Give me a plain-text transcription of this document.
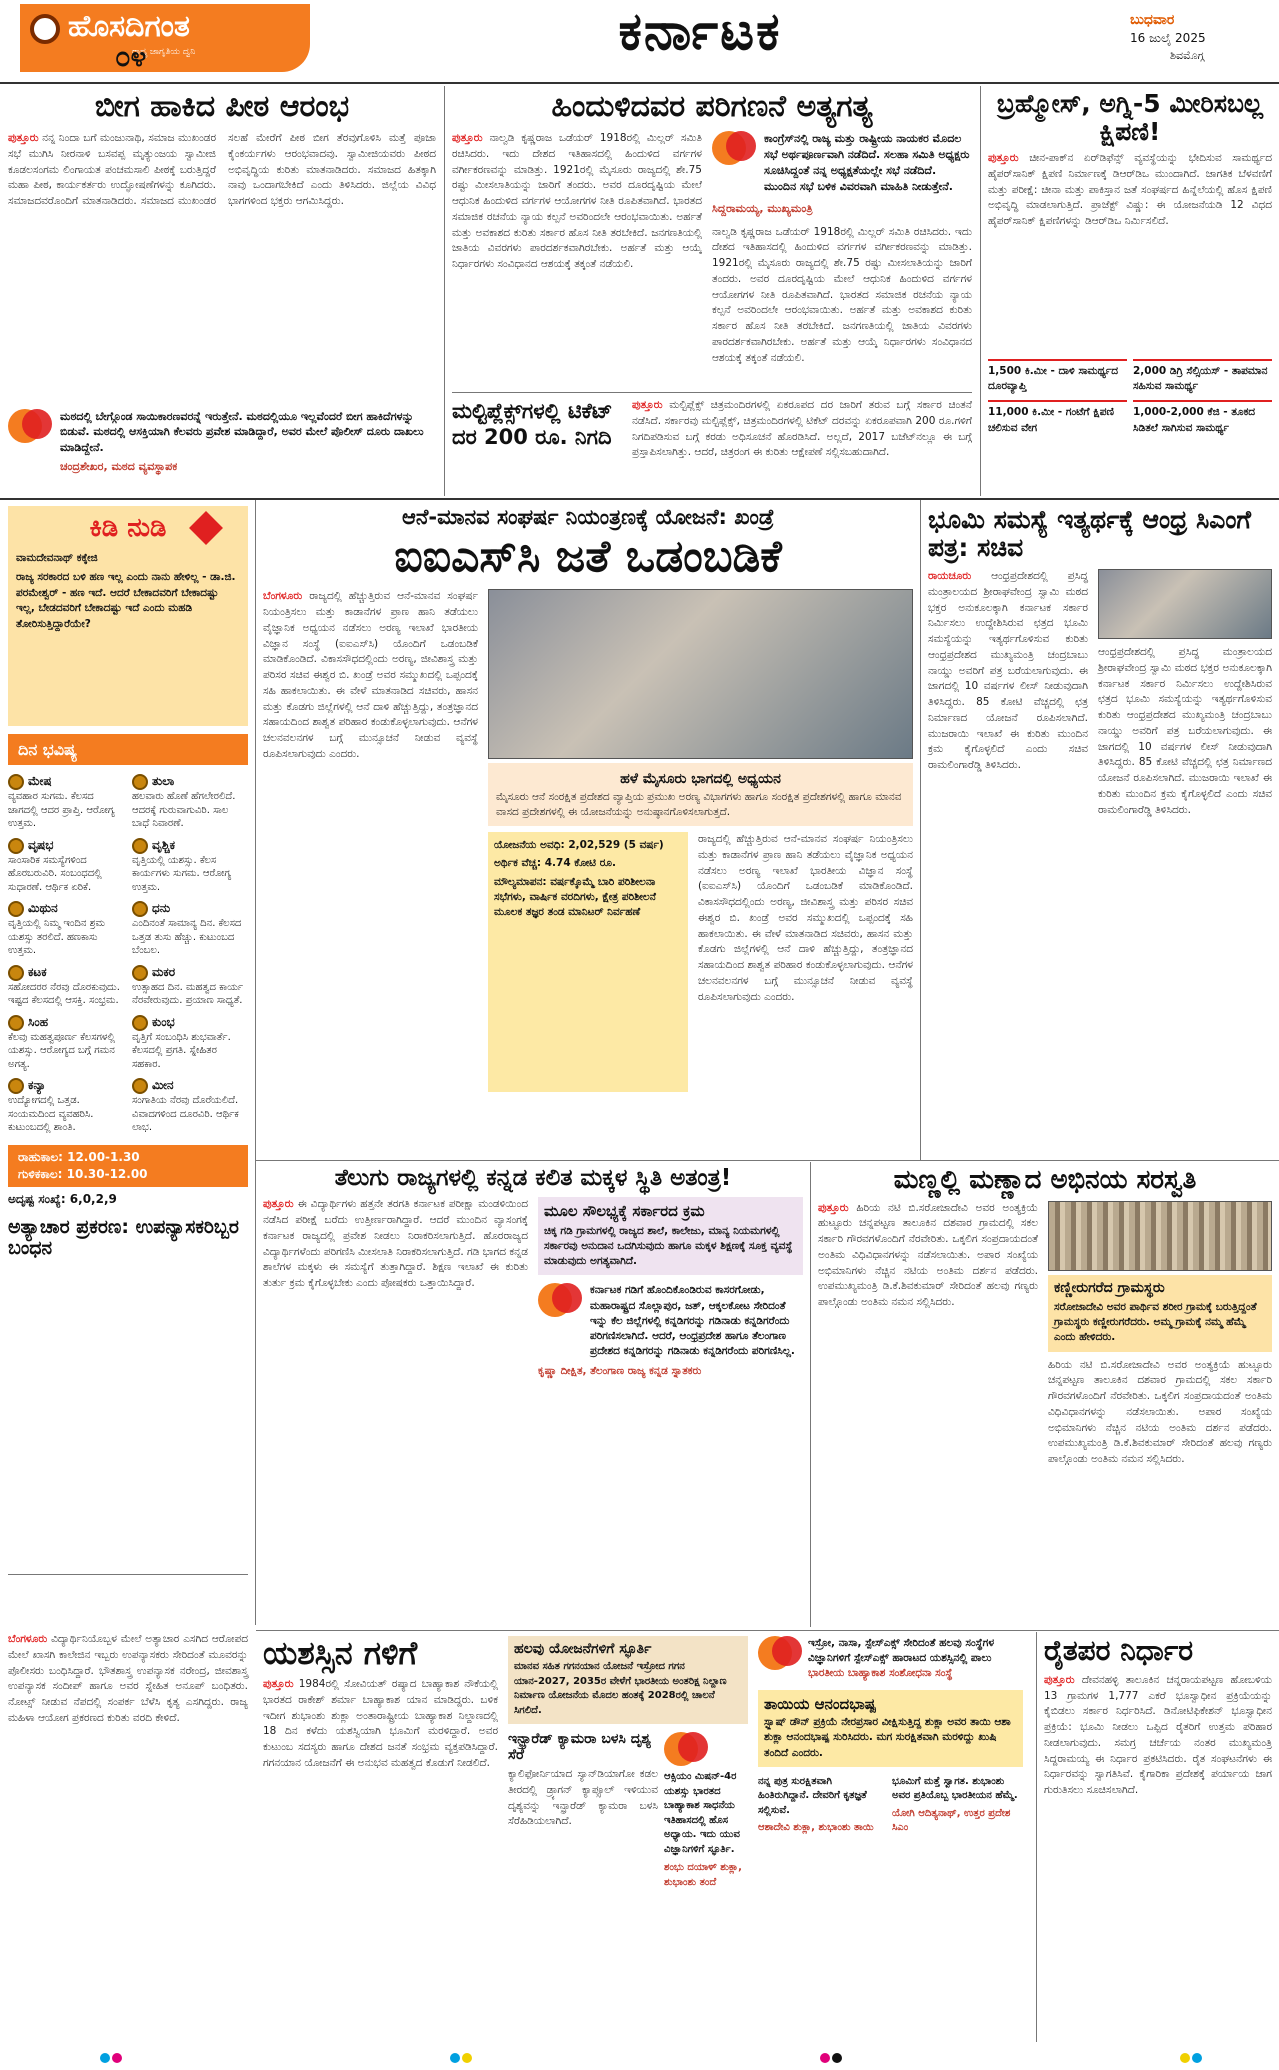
ಹೊಸದಿಗಂತ
ರಾಷ್ಟ್ರ ಜಾಗೃತಿಯ ದ್ವನಿ
೦೪	ಕರ್ನಾಟಕ	ಬುಧವಾರ
16 ಜುಲೈ 2025
ಶಿವಮೊಗ್ಗ
ಬೀಗ ಹಾಕಿದ ಪೀಠ ಆರಂಭ
ಪುತ್ತೂರು ನನ್ನ ನಿಂದಾ ಬಗೆ ಮಂಜುನಾಥಿ, ಸಮಾಜ ಮುಖಂಡರ ಸಭೆ ಮುಗಿಸಿ ನೀರನಾಳಿ ಬಸವಪ್ಪ ಮೃತ್ಯುಂಜಯ ಸ್ವಾಮೀಜಿ ಕೂಡಲಸಂಗಮ ಲಿಂಗಾಯತ ಪಂಚಮಸಾಲಿ ಪೀಠಕ್ಕೆ ಬರುತ್ತಿದ್ದರೆ ಮಹಾ ಪೀಠ, ಕಾರ್ಯಕರ್ತರು ಉದ್ಘೋಷಣೆಗಳನ್ನು ಕೂಗಿದರು. ಸಮಾಜದವರೊಂದಿಗೆ ಮಾತನಾಡಿದರು. ಸಮಾಜದ ಮುಖಂಡರ ಸಲಹೆ ಮೇರೆಗೆ ಪೀಠ ಬೀಗ ತೆರವುಗೊಳಿಸಿ ಮತ್ತೆ ಪೂಜಾ ಕೈಂಕರ್ಯಗಳು ಆರಂಭವಾದವು. ಸ್ವಾಮೀಜಿಯವರು ಪೀಠದ ಅಭಿವೃದ್ಧಿಯ ಕುರಿತು ಮಾತನಾಡಿದರು. ಸಮಾಜದ ಹಿತಕ್ಕಾಗಿ ನಾವು ಒಂದಾಗಬೇಕಿದೆ ಎಂದು ತಿಳಿಸಿದರು. ಜಿಲ್ಲೆಯ ವಿವಿಧ ಭಾಗಗಳಿಂದ ಭಕ್ತರು ಆಗಮಿಸಿದ್ದರು.
ಮಠದಲ್ಲಿ ಬೇಗ್ಗೊಂಡ ಸಾಯಿಕಾರಣವರನ್ನೆ ಇರುತ್ತೇನೆ. ಮಠದಲ್ಲಿಯೂ ಇಲ್ಲವೆಂದರೆ ಬೀಗ ಹಾಕಿದೆಗಳನ್ನು ಬಿಡುವೆ. ಮಠದಲ್ಲಿ ಆಸಕ್ತಿಯಾಗಿ ಕೆಲವರು ಪ್ರವೇಶ ಮಾಡಿದ್ದಾರೆ, ಅವರ ಮೇಲೆ ಪೊಲೀಸ್ ದೂರು ದಾಖಲು ಮಾಡಿದ್ದೇನೆ.
ಚಂದ್ರಶೇಖರ, ಮಠದ ವ್ಯವಸ್ಥಾಪಕ
ಹಿಂದುಳಿದವರ ಪರಿಗಣನೆ ಅತ್ಯಗತ್ಯ
ಪುತ್ತೂರು ನಾಲ್ವಡಿ ಕೃಷ್ಣರಾಜ ಒಡೆಯರ್ 1918ರಲ್ಲಿ ಮಿಲ್ಲರ್ ಸಮಿತಿ ರಚಿಸಿದರು. ಇದು ದೇಶದ ಇತಿಹಾಸದಲ್ಲಿ ಹಿಂದುಳಿದ ವರ್ಗಗಳ ವರ್ಗೀಕರಣವನ್ನು ಮಾಡಿತ್ತು. 1921ರಲ್ಲಿ ಮೈಸೂರು ರಾಜ್ಯದಲ್ಲಿ ಶೇ.75 ರಷ್ಟು ಮೀಸಲಾತಿಯನ್ನು ಜಾರಿಗೆ ತಂದರು. ಅವರ ದೂರದೃಷ್ಟಿಯ ಮೇಲೆ ಆಧುನಿಕ ಹಿಂದುಳಿದ ವರ್ಗಗಳ ಆಯೋಗಗಳ ನೀತಿ ರೂಪಿತವಾಗಿದೆ. ಭಾರತದ ಸಮಾಜಿಕ ರಚನೆಯ ನ್ಯಾಯ ಕಲ್ಪನೆ ಅವರಿಂದಲೇ ಆರಂಭವಾಯಿತು. ಅರ್ಹತೆ ಮತ್ತು ಅವಕಾಶದ ಕುರಿತು ಸರ್ಕಾರ ಹೊಸ ನೀತಿ ತರಬೇಕಿದೆ. ಜನಗಣತಿಯಲ್ಲಿ ಜಾತಿಯ ವಿವರಗಳು ಪಾರದರ್ಶಕವಾಗಿರಬೇಕು. ಅರ್ಹತೆ ಮತ್ತು ಆಯ್ಕೆ ನಿರ್ಧಾರಗಳು ಸಂವಿಧಾನದ ಆಶಯಕ್ಕೆ ತಕ್ಕಂತೆ ನಡೆಯಲಿ.
ಕಾಂಗ್ರೆಸ್‌ನಲ್ಲಿ ರಾಜ್ಯ ಮತ್ತು ರಾಷ್ಟ್ರೀಯ ನಾಯಕರ ಮೊದಲ ಸಭೆ ಅರ್ಥಪೂರ್ಣವಾಗಿ ನಡೆದಿದೆ. ಸಲಹಾ ಸಮಿತಿ ಅಧ್ಯಕ್ಷರು ಸೂಚಿಸಿದ್ದಂತೆ ನನ್ನ ಅಧ್ಯಕ್ಷತೆಯಲ್ಲೇ ಸಭೆ ನಡೆದಿದೆ. ಮುಂದಿನ ಸಭೆ ಬಳಿಕ ವಿವರವಾಗಿ ಮಾಹಿತಿ ನೀಡುತ್ತೇನೆ.
ಸಿದ್ದರಾಮಯ್ಯ, ಮುಖ್ಯಮಂತ್ರಿ
ನಾಲ್ವಡಿ ಕೃಷ್ಣರಾಜ ಒಡೆಯರ್ 1918ರಲ್ಲಿ ಮಿಲ್ಲರ್ ಸಮಿತಿ ರಚಿಸಿದರು. ಇದು ದೇಶದ ಇತಿಹಾಸದಲ್ಲಿ ಹಿಂದುಳಿದ ವರ್ಗಗಳ ವರ್ಗೀಕರಣವನ್ನು ಮಾಡಿತ್ತು. 1921ರಲ್ಲಿ ಮೈಸೂರು ರಾಜ್ಯದಲ್ಲಿ ಶೇ.75 ರಷ್ಟು ಮೀಸಲಾತಿಯನ್ನು ಜಾರಿಗೆ ತಂದರು. ಅವರ ದೂರದೃಷ್ಟಿಯ ಮೇಲೆ ಆಧುನಿಕ ಹಿಂದುಳಿದ ವರ್ಗಗಳ ಆಯೋಗಗಳ ನೀತಿ ರೂಪಿತವಾಗಿದೆ. ಭಾರತದ ಸಮಾಜಿಕ ರಚನೆಯ ನ್ಯಾಯ ಕಲ್ಪನೆ ಅವರಿಂದಲೇ ಆರಂಭವಾಯಿತು. ಅರ್ಹತೆ ಮತ್ತು ಅವಕಾಶದ ಕುರಿತು ಸರ್ಕಾರ ಹೊಸ ನೀತಿ ತರಬೇಕಿದೆ. ಜನಗಣತಿಯಲ್ಲಿ ಜಾತಿಯ ವಿವರಗಳು ಪಾರದರ್ಶಕವಾಗಿರಬೇಕು. ಅರ್ಹತೆ ಮತ್ತು ಆಯ್ಕೆ ನಿರ್ಧಾರಗಳು ಸಂವಿಧಾನದ ಆಶಯಕ್ಕೆ ತಕ್ಕಂತೆ ನಡೆಯಲಿ.
ಮಲ್ಟಿಪ್ಲೆಕ್ಸ್‌ಗಳಲ್ಲಿ ಟಿಕೆಟ್ ದರ 200 ರೂ. ನಿಗದಿ
ಪುತ್ತೂರು ಮಲ್ಟಿಪ್ಲೆಕ್ಸ್ ಚಿತ್ರಮಂದಿರಗಳಲ್ಲಿ ಏಕರೂಪದ ದರ ಜಾರಿಗೆ ತರುವ ಬಗ್ಗೆ ಸರ್ಕಾರ ಚಿಂತನೆ ನಡೆಸಿದೆ. ಸರ್ಕಾರವು ಮಲ್ಟಿಪ್ಲೆಕ್ಸ್, ಚಿತ್ರಮಂದಿರಗಳಲ್ಲಿ ಟಿಕೆಟ್ ದರವನ್ನು ಏಕರೂಪವಾಗಿ 200 ರೂ.ಗಳಿಗೆ ನಿಗದಿಪಡಿಸುವ ಬಗ್ಗೆ ಕರಡು ಅಧಿಸೂಚನೆ ಹೊರಡಿಸಿದೆ. ಅಲ್ಲದೆ, 2017 ಬಜೆಟ್‌ನಲ್ಲೂ ಈ ಬಗ್ಗೆ ಪ್ರಸ್ತಾಪಿಸಲಾಗಿತ್ತು. ಆದರೆ, ಚಿತ್ರರಂಗ ಈ ಕುರಿತು ಆಕ್ಷೇಪಣೆ ಸಲ್ಲಿಸಬಹುದಾಗಿದೆ.
ಬ್ರಹ್ಮೋಸ್, ಅಗ್ನಿ-5 ಮೀರಿಸಬಲ್ಲ ಕ್ಷಿಪಣಿ!
ಪುತ್ತೂರು ಚೀನ-ಪಾಕ್‌ನ ಏರ್‌ಡಿಫೆನ್ಸ್ ವ್ಯವಸ್ಥೆಯನ್ನು ಭೇದಿಸುವ ಸಾಮರ್ಥ್ಯದ ಹೈಪರ್‌ಸಾನಿಕ್ ಕ್ಷಿಪಣಿ ನಿರ್ಮಾಣಕ್ಕೆ ಡಿಆರ್‌ಡಿಒ ಮುಂದಾಗಿದೆ. ಜಾಗತಿಕ ಬೆಳವಣಿಗೆ ಮತ್ತು ಪರೀಕ್ಷೆ: ಚೀನಾ ಮತ್ತು ಪಾಕಿಸ್ತಾನ ಜತೆ ಸಂಘರ್ಷದ ಹಿನ್ನೆಲೆಯಲ್ಲಿ ಹೊಸ ಕ್ಷಿಪಣಿ ಅಭಿವೃದ್ಧಿ ಮಾಡಲಾಗುತ್ತಿದೆ. ಪ್ರಾಜೆಕ್ಟ್ ವಿಷ್ಣು: ಈ ಯೋಜನೆಯಡಿ 12 ವಿಧದ ಹೈಪರ್‌ಸಾನಿಕ್ ಕ್ಷಿಪಣಿಗಳನ್ನು ಡಿಆರ್‌ಡಿಒ ನಿರ್ಮಿಸಲಿದೆ.
1,500 ಕಿ.ಮೀ - ದಾಳಿ ಸಾಮರ್ಥ್ಯದ ದೂರವ್ಯಾಪ್ತಿ
2,000 ಡಿಗ್ರಿ ಸೆಲ್ಸಿಯಸ್ - ತಾಪಮಾನ ಸಹಿಸುವ ಸಾಮರ್ಥ್ಯ
11,000 ಕಿ.ಮೀ - ಗಂಟೆಗೆ ಕ್ಷಿಪಣಿ ಚಲಿಸುವ ವೇಗ
1,000-2,000 ಕೆಜಿ - ತೂಕದ ಸಿಡಿತಲೆ ಸಾಗಿಸುವ ಸಾಮರ್ಥ್ಯ
ಕಿಡಿ ನುಡಿ
ವಾಮದೇವನಾಥ್ ಕಕ್ಕೇಜಿ
ರಾಜ್ಯ ಸರಕಾರದ ಬಳಿ ಹಣ ಇಲ್ಲ ಎಂದು ನಾನು ಹೇಳಿಲ್ಲ - ಡಾ.ಜಿ. ಪರಮೇಶ್ವರ್ - ಹಣ ಇದೆ. ಆದರೆ ಬೇಕಾದವರಿಗೆ ಬೇಕಾದಷ್ಟು ಇಲ್ಲ, ಬೇಡದವರಿಗೆ ಬೇಕಾದಷ್ಟು ಇದೆ ಎಂದು ಮಹಡಿ ತೋರಿಸುತ್ತಿದ್ದಾರೆಯೇ?
ದಿನ ಭವಿಷ್ಯ
ಮೇಷ
ವ್ಯವಹಾರ ಸುಗಮ. ಕೆಲಸದ ಜಾಗದಲ್ಲಿ ಆದರ ಪ್ರಾಪ್ತಿ. ಆರೋಗ್ಯ ಉತ್ತಮ.
ತುಲಾ
ಹಲವಾರು ಹೊಣೆ ಹೆಗಲೇರಲಿದೆ. ಆದರಕ್ಕೆ ಗುರುವಾಗುವಿರಿ. ಸಾಲ ಬಾಧೆ ನಿವಾರಣೆ.
ವೃಷಭ
ಸಾಂಸಾರಿಕ ಸಮಸ್ಯೆಗಳಿಂದ ಹೊರಬರುವಿರಿ. ಸಂಬಂಧದಲ್ಲಿ ಸುಧಾರಣೆ. ಆರ್ಥಿಕ ಏರಿಕೆ.
ವೃಶ್ಚಿಕ
ವೃತ್ತಿಯಲ್ಲಿ ಯಶಸ್ಸು. ಕೆಲಸ ಕಾರ್ಯಗಳು ಸುಗಮ. ಆರೋಗ್ಯ ಉತ್ತಮ.
ಮಿಥುನ
ವೃತ್ತಿಯಲ್ಲಿ ನಿಮ್ಮ ಇಂದಿನ ಶ್ರಮ ಯಶಸ್ಸು ತರಲಿದೆ. ಹಣಕಾಸು ಉತ್ತಮ.
ಧನು
ಎಂದಿನಂತೆ ಸಾಮಾನ್ಯ ದಿನ. ಕೆಲಸದ ಒತ್ತಡ ತುಸು ಹೆಚ್ಚು. ಕುಟುಂಬದ ಬೆಂಬಲ.
ಕಟಕ
ಸಹೋದರರ ನೆರವು ದೊರಕುವುದು. ಇಷ್ಟದ ಕೆಲಸದಲ್ಲಿ ಆಸಕ್ತಿ. ಸಂಭ್ರಮ.
ಮಕರ
ಉತ್ಸಾಹದ ದಿನ. ಮಹತ್ವದ ಕಾರ್ಯ ನೆರವೇರುವುದು. ಪ್ರಯಾಣ ಸಾಧ್ಯತೆ.
ಸಿಂಹ
ಕೆಲವು ಮಹತ್ವಪೂರ್ಣ ಕೆಲಸಗಳಲ್ಲಿ ಯಶಸ್ಸು. ಆರೋಗ್ಯದ ಬಗ್ಗೆ ಗಮನ ಅಗತ್ಯ.
ಕುಂಭ
ವೃತ್ತಿಗೆ ಸಂಬಂಧಿಸಿ ಶುಭವಾರ್ತೆ. ಕೆಲಸದಲ್ಲಿ ಪ್ರಗತಿ. ಸ್ನೇಹಿತರ ಸಹಕಾರ.
ಕನ್ಯಾ
ಉದ್ಯೋಗದಲ್ಲಿ ಒತ್ತಡ. ಸಂಯಮದಿಂದ ವ್ಯವಹರಿಸಿ. ಕುಟುಂಬದಲ್ಲಿ ಶಾಂತಿ.
ಮೀನ
ಸಂಗಾತಿಯ ನೆರವು ದೊರೆಯಲಿದೆ. ವಿವಾದಗಳಿಂದ ದೂರವಿರಿ. ಆರ್ಥಿಕ ಲಾಭ.
ರಾಹುಕಾಲ: 12.00-1.30
ಗುಳಿಕಕಾಲ: 10.30-12.00
ಅದೃಷ್ಟ ಸಂಖ್ಯೆ: 6,0,2,9
ಅತ್ಯಾಚಾರ ಪ್ರಕರಣ: ಉಪನ್ಯಾಸಕರಿಬ್ಬರ ಬಂಧನ
ಬೆಂಗಳೂರು ವಿದ್ಯಾರ್ಥಿನಿಯೊಬ್ಬಳ ಮೇಲೆ ಅತ್ಯಾಚಾರ ಎಸಗಿದ ಆರೋಪದ ಮೇಲೆ ಖಾಸಗಿ ಕಾಲೇಜಿನ ಇಬ್ಬರು ಉಪನ್ಯಾಸಕರು ಸೇರಿದಂತೆ ಮೂವರನ್ನು ಪೊಲೀಸರು ಬಂಧಿಸಿದ್ದಾರೆ. ಭೌತಶಾಸ್ತ್ರ ಉಪನ್ಯಾಸಕ ನರೇಂದ್ರ, ಜೀವಶಾಸ್ತ್ರ ಉಪನ್ಯಾಸಕ ಸಂದೀಪ್ ಹಾಗೂ ಅವರ ಸ್ನೇಹಿತ ಅನೂಪ್ ಬಂಧಿತರು. ನೋಟ್ಸ್ ನೀಡುವ ನೆಪದಲ್ಲಿ ಸಂಪರ್ಕ ಬೆಳೆಸಿ ಕೃತ್ಯ ಎಸಗಿದ್ದರು. ರಾಜ್ಯ ಮಹಿಳಾ ಆಯೋಗ ಪ್ರಕರಣದ ಕುರಿತು ವರದಿ ಕೇಳಿದೆ.
ಆನೆ-ಮಾನವ ಸಂಘರ್ಷ ನಿಯಂತ್ರಣಕ್ಕೆ ಯೋಜನೆ: ಖಂಡ್ರೆ
ಐಐಎಸ್‌ಸಿ ಜತೆ ಒಡಂಬಡಿಕೆ
ಬೆಂಗಳೂರು ರಾಜ್ಯದಲ್ಲಿ ಹೆಚ್ಚುತ್ತಿರುವ ಆನೆ-ಮಾನವ ಸಂಘರ್ಷ ನಿಯಂತ್ರಿಸಲು ಮತ್ತು ಕಾಡಾನೆಗಳ ಪ್ರಾಣ ಹಾನಿ ತಡೆಯಲು ವೈಜ್ಞಾನಿಕ ಅಧ್ಯಯನ ನಡೆಸಲು ಅರಣ್ಯ ಇಲಾಖೆ ಭಾರತೀಯ ವಿಜ್ಞಾನ ಸಂಸ್ಥೆ (ಐಐಎಸ್‌ಸಿ) ಯೊಂದಿಗೆ ಒಡಂಬಡಿಕೆ ಮಾಡಿಕೊಂಡಿದೆ. ವಿಕಾಸಸೌಧದಲ್ಲಿಂದು ಅರಣ್ಯ, ಜೀವಿಶಾಸ್ತ್ರ ಮತ್ತು ಪರಿಸರ ಸಚಿವ ಈಶ್ವರ ಬಿ. ಖಂಡ್ರೆ ಅವರ ಸಮ್ಮುಖದಲ್ಲಿ ಒಪ್ಪಂದಕ್ಕೆ ಸಹಿ ಹಾಕಲಾಯಿತು. ಈ ವೇಳೆ ಮಾತನಾಡಿದ ಸಚಿವರು, ಹಾಸನ ಮತ್ತು ಕೊಡಗು ಜಿಲ್ಲೆಗಳಲ್ಲಿ ಆನೆ ದಾಳಿ ಹೆಚ್ಚುತ್ತಿದ್ದು, ತಂತ್ರಜ್ಞಾನದ ಸಹಾಯದಿಂದ ಶಾಶ್ವತ ಪರಿಹಾರ ಕಂಡುಕೊಳ್ಳಲಾಗುವುದು. ಆನೆಗಳ ಚಲನವಲನಗಳ ಬಗ್ಗೆ ಮುನ್ಸೂಚನೆ ನೀಡುವ ವ್ಯವಸ್ಥೆ ರೂಪಿಸಲಾಗುವುದು ಎಂದರು.
ಹಳೆ ಮೈಸೂರು ಭಾಗದಲ್ಲಿ ಅಧ್ಯಯನ
ಮೈಸೂರು ಆನೆ ಸಂರಕ್ಷಿತ ಪ್ರದೇಶದ ವ್ಯಾಪ್ತಿಯ ಪ್ರಮುಖ ಅರಣ್ಯ ವಿಭಾಗಗಳು ಹಾಗೂ ಸಂರಕ್ಷಿತ ಪ್ರದೇಶಗಳಲ್ಲಿ ಹಾಗೂ ಮಾನವ ವಾಸದ ಪ್ರದೇಶಗಳಲ್ಲಿ ಈ ಯೋಜನೆಯನ್ನು ಅನುಷ್ಠಾನಗೊಳಿಸಲಾಗುತ್ತದೆ.
ಯೋಜನೆಯ ಅವಧಿ: 2,02,529 (5 ವರ್ಷ)
ಅರ್ಥಿಕ ವೆಚ್ಚ: 4.74 ಕೋಟಿ ರೂ.
ಮೌಲ್ಯಮಾಪನ: ವರ್ಷಕ್ಕೊಮ್ಮೆ ಬಾರಿ ಪರಿಶೀಲನಾ ಸಭೆಗಳು, ವಾರ್ಷಿಕ ವರದಿಗಳು, ಕ್ಷೇತ್ರ ಪರಿಶೀಲನೆ ಮೂಲಕ ತಜ್ಞರ ತಂಡ ಮಾನಿಟರ್ ನಿರ್ವಹಣೆ
ರಾಜ್ಯದಲ್ಲಿ ಹೆಚ್ಚುತ್ತಿರುವ ಆನೆ-ಮಾನವ ಸಂಘರ್ಷ ನಿಯಂತ್ರಿಸಲು ಮತ್ತು ಕಾಡಾನೆಗಳ ಪ್ರಾಣ ಹಾನಿ ತಡೆಯಲು ವೈಜ್ಞಾನಿಕ ಅಧ್ಯಯನ ನಡೆಸಲು ಅರಣ್ಯ ಇಲಾಖೆ ಭಾರತೀಯ ವಿಜ್ಞಾನ ಸಂಸ್ಥೆ (ಐಐಎಸ್‌ಸಿ) ಯೊಂದಿಗೆ ಒಡಂಬಡಿಕೆ ಮಾಡಿಕೊಂಡಿದೆ. ವಿಕಾಸಸೌಧದಲ್ಲಿಂದು ಅರಣ್ಯ, ಜೀವಿಶಾಸ್ತ್ರ ಮತ್ತು ಪರಿಸರ ಸಚಿವ ಈಶ್ವರ ಬಿ. ಖಂಡ್ರೆ ಅವರ ಸಮ್ಮುಖದಲ್ಲಿ ಒಪ್ಪಂದಕ್ಕೆ ಸಹಿ ಹಾಕಲಾಯಿತು. ಈ ವೇಳೆ ಮಾತನಾಡಿದ ಸಚಿವರು, ಹಾಸನ ಮತ್ತು ಕೊಡಗು ಜಿಲ್ಲೆಗಳಲ್ಲಿ ಆನೆ ದಾಳಿ ಹೆಚ್ಚುತ್ತಿದ್ದು, ತಂತ್ರಜ್ಞಾನದ ಸಹಾಯದಿಂದ ಶಾಶ್ವತ ಪರಿಹಾರ ಕಂಡುಕೊಳ್ಳಲಾಗುವುದು. ಆನೆಗಳ ಚಲನವಲನಗಳ ಬಗ್ಗೆ ಮುನ್ಸೂಚನೆ ನೀಡುವ ವ್ಯವಸ್ಥೆ ರೂಪಿಸಲಾಗುವುದು ಎಂದರು.
ಭೂಮಿ ಸಮಸ್ಯೆ ಇತ್ಯರ್ಥಕ್ಕೆ ಆಂಧ್ರ ಸಿಎಂಗೆ ಪತ್ರ: ಸಚಿವ
ರಾಯಚೂರು ಆಂಧ್ರಪ್ರದೇಶದಲ್ಲಿ ಪ್ರಸಿದ್ಧ ಮಂತ್ರಾಲಯದ ಶ್ರೀರಾಘವೇಂದ್ರ ಸ್ವಾಮಿ ಮಠದ ಭಕ್ತರ ಅನುಕೂಲಕ್ಕಾಗಿ ಕರ್ನಾಟಕ ಸರ್ಕಾರ ನಿರ್ಮಿಸಲು ಉದ್ದೇಶಿಸಿರುವ ಛತ್ರದ ಭೂಮಿ ಸಮಸ್ಯೆಯನ್ನು ಇತ್ಯರ್ಥಗೊಳಿಸುವ ಕುರಿತು ಆಂಧ್ರಪ್ರದೇಶದ ಮುಖ್ಯಮಂತ್ರಿ ಚಂದ್ರಬಾಬು ನಾಯ್ಡು ಅವರಿಗೆ ಪತ್ರ ಬರೆಯಲಾಗುವುದು. ಈ ಜಾಗದಲ್ಲಿ 10 ವರ್ಷಗಳ ಲೀಸ್ ನೀಡುವುದಾಗಿ ತಿಳಿಸಿದ್ದರು. 85 ಕೋಟಿ ವೆಚ್ಚದಲ್ಲಿ ಛತ್ರ ನಿರ್ಮಾಣದ ಯೋಜನೆ ರೂಪಿಸಲಾಗಿದೆ. ಮುಜರಾಯಿ ಇಲಾಖೆ ಈ ಕುರಿತು ಮುಂದಿನ ಕ್ರಮ ಕೈಗೊಳ್ಳಲಿದೆ ಎಂದು ಸಚಿವ ರಾಮಲಿಂಗಾರೆಡ್ಡಿ ತಿಳಿಸಿದರು.
ಆಂಧ್ರಪ್ರದೇಶದಲ್ಲಿ ಪ್ರಸಿದ್ಧ ಮಂತ್ರಾಲಯದ ಶ್ರೀರಾಘವೇಂದ್ರ ಸ್ವಾಮಿ ಮಠದ ಭಕ್ತರ ಅನುಕೂಲಕ್ಕಾಗಿ ಕರ್ನಾಟಕ ಸರ್ಕಾರ ನಿರ್ಮಿಸಲು ಉದ್ದೇಶಿಸಿರುವ ಛತ್ರದ ಭೂಮಿ ಸಮಸ್ಯೆಯನ್ನು ಇತ್ಯರ್ಥಗೊಳಿಸುವ ಕುರಿತು ಆಂಧ್ರಪ್ರದೇಶದ ಮುಖ್ಯಮಂತ್ರಿ ಚಂದ್ರಬಾಬು ನಾಯ್ಡು ಅವರಿಗೆ ಪತ್ರ ಬರೆಯಲಾಗುವುದು. ಈ ಜಾಗದಲ್ಲಿ 10 ವರ್ಷಗಳ ಲೀಸ್ ನೀಡುವುದಾಗಿ ತಿಳಿಸಿದ್ದರು. 85 ಕೋಟಿ ವೆಚ್ಚದಲ್ಲಿ ಛತ್ರ ನಿರ್ಮಾಣದ ಯೋಜನೆ ರೂಪಿಸಲಾಗಿದೆ. ಮುಜರಾಯಿ ಇಲಾಖೆ ಈ ಕುರಿತು ಮುಂದಿನ ಕ್ರಮ ಕೈಗೊಳ್ಳಲಿದೆ ಎಂದು ಸಚಿವ ರಾಮಲಿಂಗಾರೆಡ್ಡಿ ತಿಳಿಸಿದರು.
ತೆಲುಗು ರಾಜ್ಯಗಳಲ್ಲಿ ಕನ್ನಡ ಕಲಿತ ಮಕ್ಕಳ ಸ್ಥಿತಿ ಅತಂತ್ರ!
ಪುತ್ತೂರು ಈ ವಿದ್ಯಾರ್ಥಿಗಳು ಹತ್ತನೇ ತರಗತಿ ಕರ್ನಾಟಕ ಪರೀಕ್ಷಾ ಮಂಡಳಿಯಿಂದ ನಡೆಸಿದ ಪರೀಕ್ಷೆ ಬರೆದು ಉತ್ತೀರ್ಣರಾಗಿದ್ದಾರೆ. ಆದರೆ ಮುಂದಿನ ವ್ಯಾಸಂಗಕ್ಕೆ ಕರ್ನಾಟಕ ರಾಜ್ಯದಲ್ಲಿ ಪ್ರವೇಶ ನೀಡಲು ನಿರಾಕರಿಸಲಾಗುತ್ತಿದೆ. ಹೊರರಾಜ್ಯದ ವಿದ್ಯಾರ್ಥಿಗಳೆಂದು ಪರಿಗಣಿಸಿ ಮೀಸಲಾತಿ ನಿರಾಕರಿಸಲಾಗುತ್ತಿದೆ. ಗಡಿ ಭಾಗದ ಕನ್ನಡ ಶಾಲೆಗಳ ಮಕ್ಕಳು ಈ ಸಮಸ್ಯೆಗೆ ತುತ್ತಾಗಿದ್ದಾರೆ. ಶಿಕ್ಷಣ ಇಲಾಖೆ ಈ ಕುರಿತು ತುರ್ತು ಕ್ರಮ ಕೈಗೊಳ್ಳಬೇಕು ಎಂದು ಪೋಷಕರು ಒತ್ತಾಯಿಸಿದ್ದಾರೆ.
ಮೂಲ ಸೌಲಭ್ಯಕ್ಕೆ ಸರ್ಕಾರದ ಕ್ರಮ
ಚಿಕ್ಕ ಗಡಿ ಗ್ರಾಮಗಳಲ್ಲಿ ರಾಜ್ಯದ ಶಾಲೆ, ಕಾಲೇಜು, ಮಾನ್ಯ ನಿಯಮಗಳಲ್ಲಿ ಸರ್ಕಾರವು ಅನುದಾನ ಒದಗಿಸುವುದು ಹಾಗೂ ಮಕ್ಕಳ ಶಿಕ್ಷಣಕ್ಕೆ ಸೂಕ್ತ ವ್ಯವಸ್ಥೆ ಮಾಡುವುದು ಅಗತ್ಯವಾಗಿದೆ.
ಕರ್ನಾಟಕ ಗಡಿಗೆ ಹೊಂದಿಕೊಂಡಿರುವ ಕಾಸರಗೋಡು, ಮಹಾರಾಷ್ಟ್ರದ ಸೊಲ್ಲಾಪುರ, ಜತ್, ಆಕ್ಕಲಕೋಟ ಸೇರಿದಂತೆ ಇನ್ನು ಕೆಲ ಜಿಲ್ಲೆಗಳಲ್ಲಿ ಕನ್ನಡಿಗರನ್ನು ಗಡಿನಾಡು ಕನ್ನಡಿಗರೆಂದು ಪರಿಗಣಿಸಲಾಗಿದೆ. ಆದರೆ, ಆಂಧ್ರಪ್ರದೇಶ ಹಾಗೂ ತೆಲಂಗಾಣ ಪ್ರದೇಶದ ಕನ್ನಡಿಗರನ್ನು ಗಡಿನಾಡು ಕನ್ನಡಿಗರೆಂದು ಪರಿಗಣಿಸಿಲ್ಲ.
ಕೃಷ್ಣಾ ದೀಕ್ಷಿತ, ತೆಲಂಗಾಣ ರಾಜ್ಯ ಕನ್ನಡ ಸ್ನಾತಕರು
ಮಣ್ಣಲ್ಲಿ ಮಣ್ಣಾದ ಅಭಿನಯ ಸರಸ್ವತಿ
ಪುತ್ತೂರು ಹಿರಿಯ ನಟಿ ಬಿ.ಸರೋಜಾದೇವಿ ಅವರ ಅಂತ್ಯಕ್ರಿಯೆ ಹುಟ್ಟೂರು ಚನ್ನಪಟ್ಟಣ ತಾಲೂಕಿನ ದಶವಾರ ಗ್ರಾಮದಲ್ಲಿ ಸಕಲ ಸರ್ಕಾರಿ ಗೌರವಗಳೊಂದಿಗೆ ನೆರವೇರಿತು. ಒಕ್ಕಲಿಗ ಸಂಪ್ರದಾಯದಂತೆ ಅಂತಿಮ ವಿಧಿವಿಧಾನಗಳನ್ನು ನಡೆಸಲಾಯಿತು. ಅಪಾರ ಸಂಖ್ಯೆಯ ಅಭಿಮಾನಿಗಳು ನೆಚ್ಚಿನ ನಟಿಯ ಅಂತಿಮ ದರ್ಶನ ಪಡೆದರು. ಉಪಮುಖ್ಯಮಂತ್ರಿ ಡಿ.ಕೆ.ಶಿವಕುಮಾರ್ ಸೇರಿದಂತೆ ಹಲವು ಗಣ್ಯರು ಪಾಲ್ಗೊಂಡು ಅಂತಿಮ ನಮನ ಸಲ್ಲಿಸಿದರು.
ಕಣ್ಣೀರುಗರೆದ ಗ್ರಾಮಸ್ಥರು
ಸರೋಜಾದೇವಿ ಅವರ ಪಾರ್ಥಿವ ಶರೀರ ಗ್ರಾಮಕ್ಕೆ ಬರುತ್ತಿದ್ದಂತೆ ಗ್ರಾಮಸ್ಥರು ಕಣ್ಣೀರುಗರೆದರು. ಅಮ್ಮ ಗ್ರಾಮಕ್ಕೆ ನಮ್ಮ ಹೆಮ್ಮೆ ಎಂದು ಹೇಳಿದರು.
ಹಿರಿಯ ನಟಿ ಬಿ.ಸರೋಜಾದೇವಿ ಅವರ ಅಂತ್ಯಕ್ರಿಯೆ ಹುಟ್ಟೂರು ಚನ್ನಪಟ್ಟಣ ತಾಲೂಕಿನ ದಶವಾರ ಗ್ರಾಮದಲ್ಲಿ ಸಕಲ ಸರ್ಕಾರಿ ಗೌರವಗಳೊಂದಿಗೆ ನೆರವೇರಿತು. ಒಕ್ಕಲಿಗ ಸಂಪ್ರದಾಯದಂತೆ ಅಂತಿಮ ವಿಧಿವಿಧಾನಗಳನ್ನು ನಡೆಸಲಾಯಿತು. ಅಪಾರ ಸಂಖ್ಯೆಯ ಅಭಿಮಾನಿಗಳು ನೆಚ್ಚಿನ ನಟಿಯ ಅಂತಿಮ ದರ್ಶನ ಪಡೆದರು. ಉಪಮುಖ್ಯಮಂತ್ರಿ ಡಿ.ಕೆ.ಶಿವಕುಮಾರ್ ಸೇರಿದಂತೆ ಹಲವು ಗಣ್ಯರು ಪಾಲ್ಗೊಂಡು ಅಂತಿಮ ನಮನ ಸಲ್ಲಿಸಿದರು.
ಯಶಸ್ಸಿನ ಗಳಿಗೆ
ಪುತ್ತೂರು 1984ರಲ್ಲಿ ಸೋವಿಯತ್ ರಷ್ಯಾದ ಬಾಹ್ಯಾಕಾಶ ನೌಕೆಯಲ್ಲಿ ಭಾರತದ ರಾಕೇಶ್ ಶರ್ಮಾ ಬಾಹ್ಯಾಕಾಶ ಯಾನ ಮಾಡಿದ್ದರು. ಬಳಿಕ ಇದೀಗ ಶುಭಾಂಶು ಶುಕ್ಲಾ ಅಂತಾರಾಷ್ಟ್ರೀಯ ಬಾಹ್ಯಾಕಾಶ ನಿಲ್ದಾಣದಲ್ಲಿ 18 ದಿನ ಕಳೆದು ಯಶಸ್ವಿಯಾಗಿ ಭೂಮಿಗೆ ಮರಳಿದ್ದಾರೆ. ಅವರ ಕುಟುಂಬ ಸದಸ್ಯರು ಹಾಗೂ ದೇಶದ ಜನತೆ ಸಂಭ್ರಮ ವ್ಯಕ್ತಪಡಿಸಿದ್ದಾರೆ. ಗಗನಯಾನ ಯೋಜನೆಗೆ ಈ ಅನುಭವ ಮಹತ್ವದ ಕೊಡುಗೆ ನೀಡಲಿದೆ.
ಹಲವು ಯೋಜನೆಗಳಿಗೆ ಸ್ಫೂರ್ತಿ
ಮಾನವ ಸಹಿತ ಗಗನಯಾನ ಯೋಜನೆ ಇಸ್ರೋದ ಗಗನ ಯಾನ-2027, 2035ರ ವೇಳೆಗೆ ಭಾರತೀಯ ಅಂತರಿಕ್ಷ ನಿಲ್ದಾಣ ನಿರ್ಮಾಣ ಯೋಜನೆಯ ಮೊದಲ ಹಂತಕ್ಕೆ 2028ರಲ್ಲಿ ಚಾಲನೆ ಸಿಗಲಿದೆ.
ಇನ್ಫ್ರಾರೆಡ್ ಕ್ಯಾಮರಾ ಬಳಸಿ ದೃಶ್ಯ ಸೆರೆ
ಕ್ಯಾಲಿಫೋರ್ನಿಯಾದ ಸ್ಯಾನ್‌ಡಿಯಾಗೋ ಕಡಲ ತೀರದಲ್ಲಿ ಡ್ರ್ಯಾಗನ್ ಕ್ಯಾಪ್ಸೂಲ್ ಇಳಿಯುವ ದೃಶ್ಯವನ್ನು ಇನ್ಫ್ರಾರೆಡ್ ಕ್ಯಾಮರಾ ಬಳಸಿ ಸೆರೆಹಿಡಿಯಲಾಗಿದೆ.
ಆಕ್ಸಿಯಂ ಮಿಷನ್-4ರ ಯಶಸ್ಸು ಭಾರತದ ಬಾಹ್ಯಾಕಾಶ ಸಾಧನೆಯ ಇತಿಹಾಸದಲ್ಲಿ ಹೊಸ ಅಧ್ಯಾಯ. ಇದು ಯುವ ವಿಜ್ಞಾನಿಗಳಿಗೆ ಸ್ಫೂರ್ತಿ.
ಶಂಭು ದಯಾಳ್ ಶುಕ್ಲಾ, ಶುಭಾಂಶು ತಂದೆ
ಇಸ್ರೋ, ನಾಸಾ, ಸ್ಪೇಸ್‌ಎಕ್ಸ್ ಸೇರಿದಂತೆ ಹಲವು ಸಂಸ್ಥೆಗಳ ವಿಜ್ಞಾನಿಗಳಿಗೆ ಸ್ಪೇಸ್‌ಎಕ್ಸ್ ಹಾರಾಟದ ಯಶಸ್ಸಿನಲ್ಲಿ ಪಾಲು
ಭಾರತೀಯ ಬಾಹ್ಯಾಕಾಶ ಸಂಶೋಧನಾ ಸಂಸ್ಥೆ
ತಾಯಿಯ ಆನಂದಭಾಷ್ಪ
ಸ್ಪ್ಲಾಷ್ ಡೌನ್ ಪ್ರಕ್ರಿಯೆ ನೇರಪ್ರಸಾರ ವೀಕ್ಷಿಸುತ್ತಿದ್ದ ಶುಕ್ಲಾ ಅವರ ತಾಯಿ ಆಶಾ ಶುಕ್ಲಾ ಆನಂದಭಾಷ್ಪ ಸುರಿಸಿದರು. ಮಗ ಸುರಕ್ಷಿತವಾಗಿ ಮರಳಿದ್ದು ಖುಷಿ ತಂದಿದೆ ಎಂದರು.
ನನ್ನ ಪುತ್ರ ಸುರಕ್ಷಿತವಾಗಿ ಹಿಂತಿರುಗಿದ್ದಾನೆ. ದೇವರಿಗೆ ಕೃತಜ್ಞತೆ ಸಲ್ಲಿಸುವೆ.
ಆಶಾದೇವಿ ಶುಕ್ಲಾ, ಶುಭಾಂಶು ತಾಯಿ
ಭೂಮಿಗೆ ಮತ್ತೆ ಸ್ವಾಗತ. ಶುಭಾಂಶು ಅವರ ಪ್ರತಿಯೊಬ್ಬ ಭಾರತೀಯನ ಹೆಮ್ಮೆ.
ಯೋಗಿ ಆದಿತ್ಯನಾಥ್, ಉತ್ತರ ಪ್ರದೇಶ ಸಿಎಂ
ರೈತಪರ ನಿರ್ಧಾರ
ಪುತ್ತೂರು ದೇವನಹಳ್ಳಿ ತಾಲೂಕಿನ ಚನ್ನರಾಯಪಟ್ಟಣ ಹೋಬಳಿಯ 13 ಗ್ರಾಮಗಳ 1,777 ಎಕರೆ ಭೂಸ್ವಾಧೀನ ಪ್ರಕ್ರಿಯೆಯನ್ನು ಕೈಬಿಡಲು ಸರ್ಕಾರ ನಿರ್ಧರಿಸಿದೆ. ಡಿನೋಟಿಫಿಕೇಶನ್ ಭೂಸ್ವಾಧೀನ ಪ್ರಕ್ರಿಯೆ: ಭೂಮಿ ನೀಡಲು ಒಪ್ಪಿದ ರೈತರಿಗೆ ಉತ್ತಮ ಪರಿಹಾರ ನೀಡಲಾಗುವುದು. ಸಮಗ್ರ ಚರ್ಚೆಯ ನಂತರ ಮುಖ್ಯಮಂತ್ರಿ ಸಿದ್ದರಾಮಯ್ಯ ಈ ನಿರ್ಧಾರ ಪ್ರಕಟಿಸಿದರು. ರೈತ ಸಂಘಟನೆಗಳು ಈ ನಿರ್ಧಾರವನ್ನು ಸ್ವಾಗತಿಸಿವೆ. ಕೈಗಾರಿಕಾ ಪ್ರದೇಶಕ್ಕೆ ಪರ್ಯಾಯ ಜಾಗ ಗುರುತಿಸಲು ಸೂಚಿಸಲಾಗಿದೆ.
